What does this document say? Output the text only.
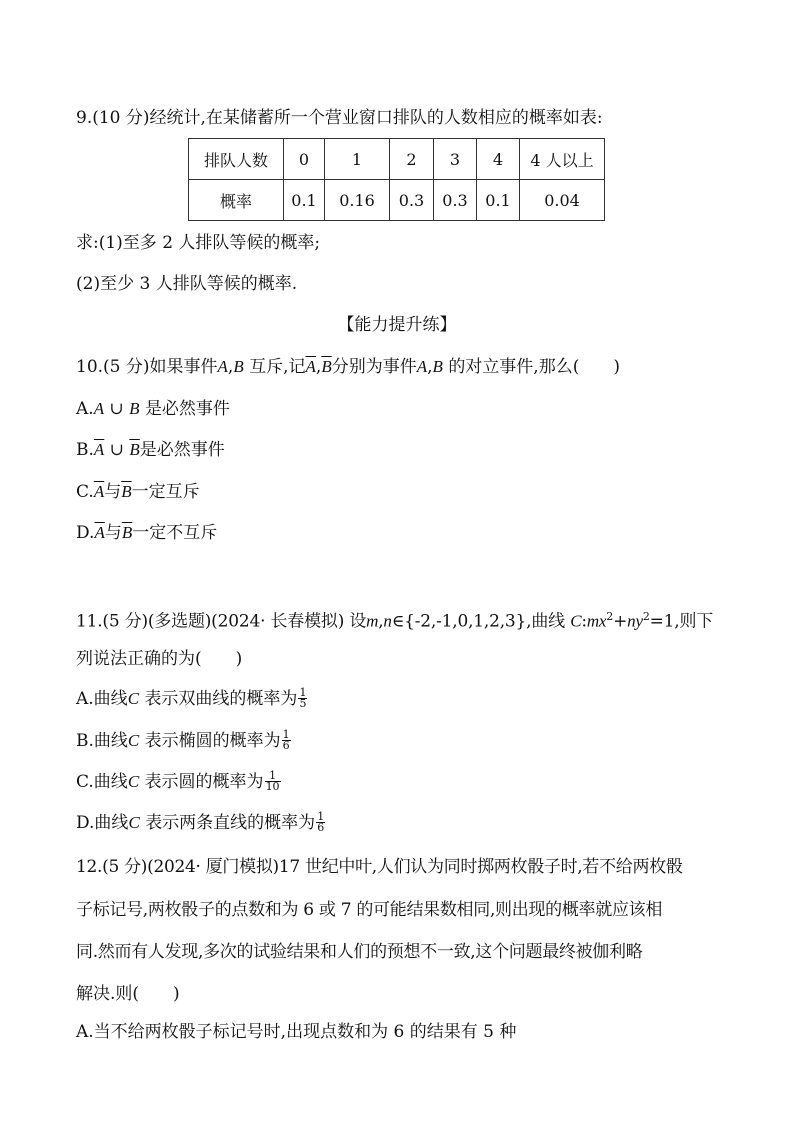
9.(10 分)经统计,在某储蓄所一个营业窗口排队的人数相应的概率如表:
排队人数	0	1	2	3	4	4 人以上
概率	0.1	0.16	0.3	0.3	0.1	0.04
求:(1)至多 2 人排队等候的概率;
(2)至少 3 人排队等候的概率.
【能力提升练】
10.(5 分)如果事件A,B 互斥,记$\overline{A},\overline{B}$分别为事件A,B 的对立事件,那么(　　)
A.A ∪ B 是必然事件
$B.\overline{A}$ ∪ $\overline{B}$是必然事件
$C.\overline{A}$与$\overline{B}$一定互斥
$D.\overline{A}$与$\overline{B}$一定不互斥
11.(5 分)(多选题)(2024· 长春模拟) 设m,n∈{-2,-1,0,1,2,3},曲线 $C:mx^2+ny^2=1$,则下
列说法正确的为(　　)
A.曲线C 表示双曲线的概率为 $\frac{1}{5}$
B.曲线C 表示椭圆的概率为 $\frac{1}{6}$
C.曲线C 表示圆的概率为 $\frac{1}{10}$
D.曲线C 表示两条直线的概率为 $\frac{1}{6}$
12.(5 分)(2024· 厦门模拟)17 世纪中叶,人们认为同时掷两枚骰子时,若不给两枚骰
子标记号,两枚骰子的点数和为 6 或 7 的可能结果数相同,则出现的概率就应该相
同.然而有人发现,多次的试验结果和人们的预想不一致,这个问题最终被伽利略
解决.则(　　)
A.当不给两枚骰子标记号时,出现点数和为 6 的结果有 5 种
